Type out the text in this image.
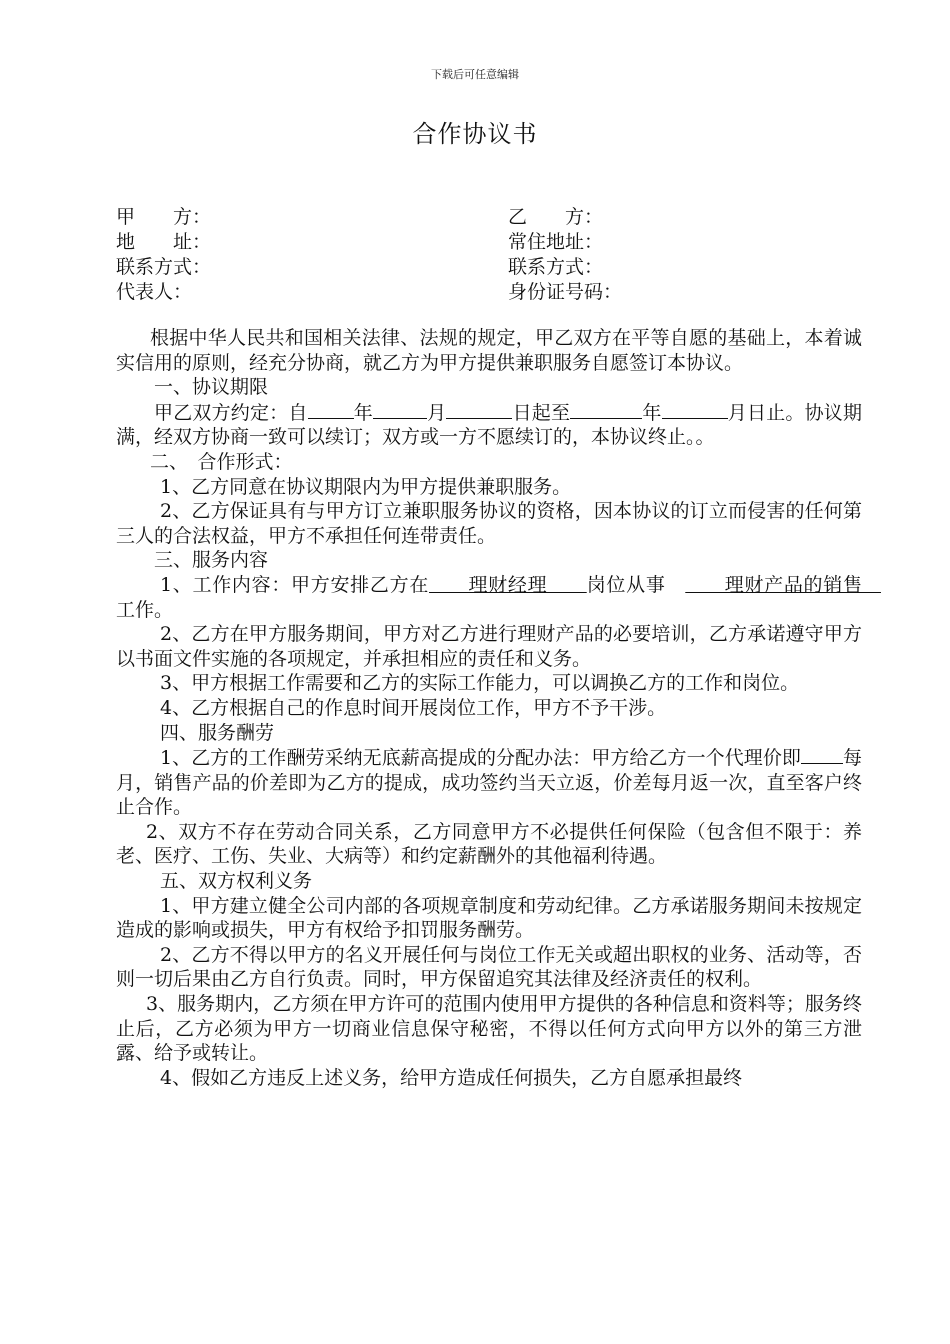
下载后可任意编辑
合作协议书
甲　　方：	乙　　方：
地　　址：	常住地址：
联系方式：	联系方式：
代表人：	身份证号码：

根据中华人民共和国相关法律、法规的规定，甲乙双方在平等自愿的基础上，本着诚实信用的原则，经充分协商，就乙方为甲方提供兼职服务自愿签订本协议。

一、协议期限

甲乙双方约定：自 年	月	日起至	年	月日止。协议期满，经双方协商一致可以续订；双方或一方不愿续订的，本协议终止。。

二、　合作形式：

1、乙方同意在协议期限内为甲方提供兼职服务。

2、乙方保证具有与甲方订立兼职服务协议的资格，因本协议的订立而侵害的任何第三人的合法权益，甲方不承担任何连带责任。

三、服务内容

1、工作内容：甲方安排乙方在　　理财经理　　岗位从事　　　理财产品的销售　工作。

2、乙方在甲方服务期间，甲方对乙方进行理财产品的必要培训，乙方承诺遵守甲方以书面文件实施的各项规定，并承担相应的责任和义务。

3、甲方根据工作需要和乙方的实际工作能力，可以调换乙方的工作和岗位。

4、乙方根据自己的作息时间开展岗位工作，甲方不予干涉。

四、服务酬劳

1、乙方的工作酬劳采纳无底薪高提成的分配办法：甲方给乙方一个代理价即 每月，销售产品的价差即为乙方的提成，成功签约当天立返，价差每月返一次，直至客户终止合作。

2、双方不存在劳动合同关系，乙方同意甲方不必提供任何保险（包含但不限于：养老、医疗、工伤、失业、大病等）和约定薪酬外的其他福利待遇。

五、双方权利义务

1、甲方建立健全公司内部的各项规章制度和劳动纪律。乙方承诺服务期间未按规定造成的影响或损失，甲方有权给予扣罚服务酬劳。

2、乙方不得以甲方的名义开展任何与岗位工作无关或超出职权的业务、活动等，否则一切后果由乙方自行负责。同时，甲方保留追究其法律及经济责任的权利。

3、服务期内，乙方须在甲方许可的范围内使用甲方提供的各种信息和资料等；服务终止后，乙方必须为甲方一切商业信息保守秘密，不得以任何方式向甲方以外的第三方泄露、给予或转让。

4、假如乙方违反上述义务，给甲方造成任何损失，乙方自愿承担最终
